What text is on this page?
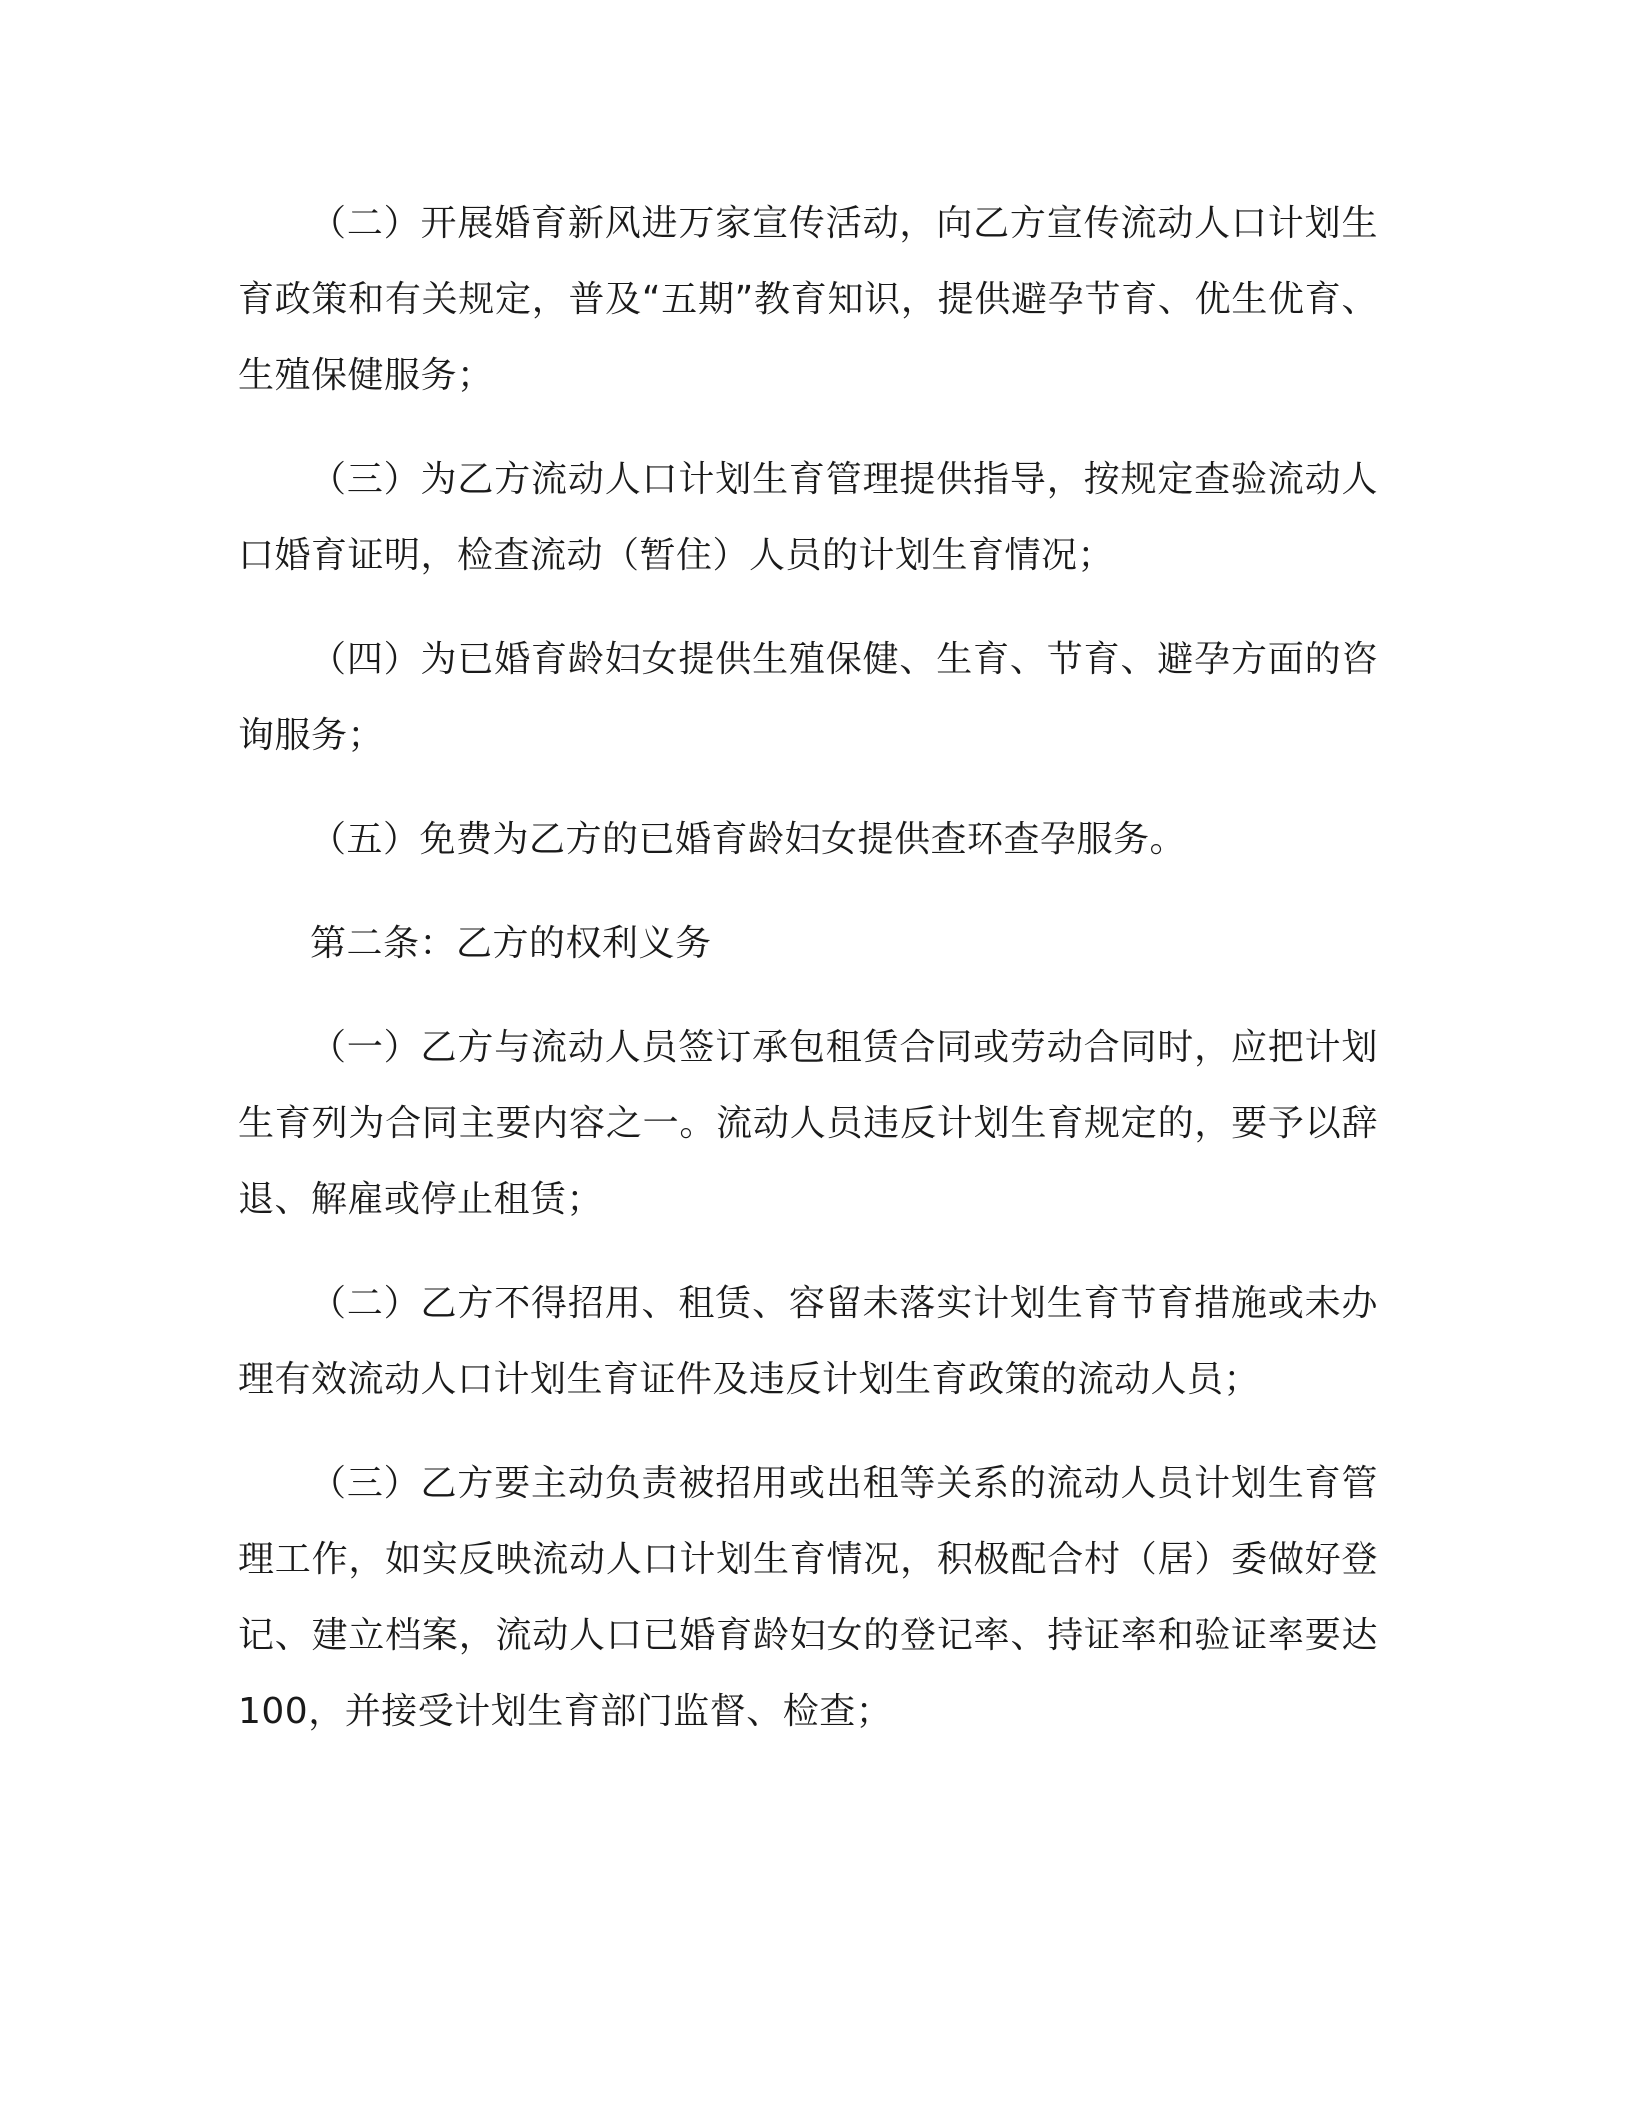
（二）开展婚育新风进万家宣传活动，向乙方宣传流动人口计划生育政策和有关规定，普及“五期”教育知识，提供避孕节育、优生优育、生殖保健服务；

（三）为乙方流动人口计划生育管理提供指导，按规定查验流动人口婚育证明，检查流动（暂住）人员的计划生育情况；

（四）为已婚育龄妇女提供生殖保健、生育、节育、避孕方面的咨询服务；

（五）免费为乙方的已婚育龄妇女提供查环查孕服务。

第二条：乙方的权利义务

（一）乙方与流动人员签订承包租赁合同或劳动合同时，应把计划生育列为合同主要内容之一。流动人员违反计划生育规定的，要予以辞退、解雇或停止租赁；

（二）乙方不得招用、租赁、容留未落实计划生育节育措施或未办理有效流动人口计划生育证件及违反计划生育政策的流动人员；

（三）乙方要主动负责被招用或出租等关系的流动人员计划生育管理工作，如实反映流动人口计划生育情况，积极配合村（居）委做好登记、建立档案，流动人口已婚育龄妇女的登记率、持证率和验证率要达 100，并接受计划生育部门监督、检查；
